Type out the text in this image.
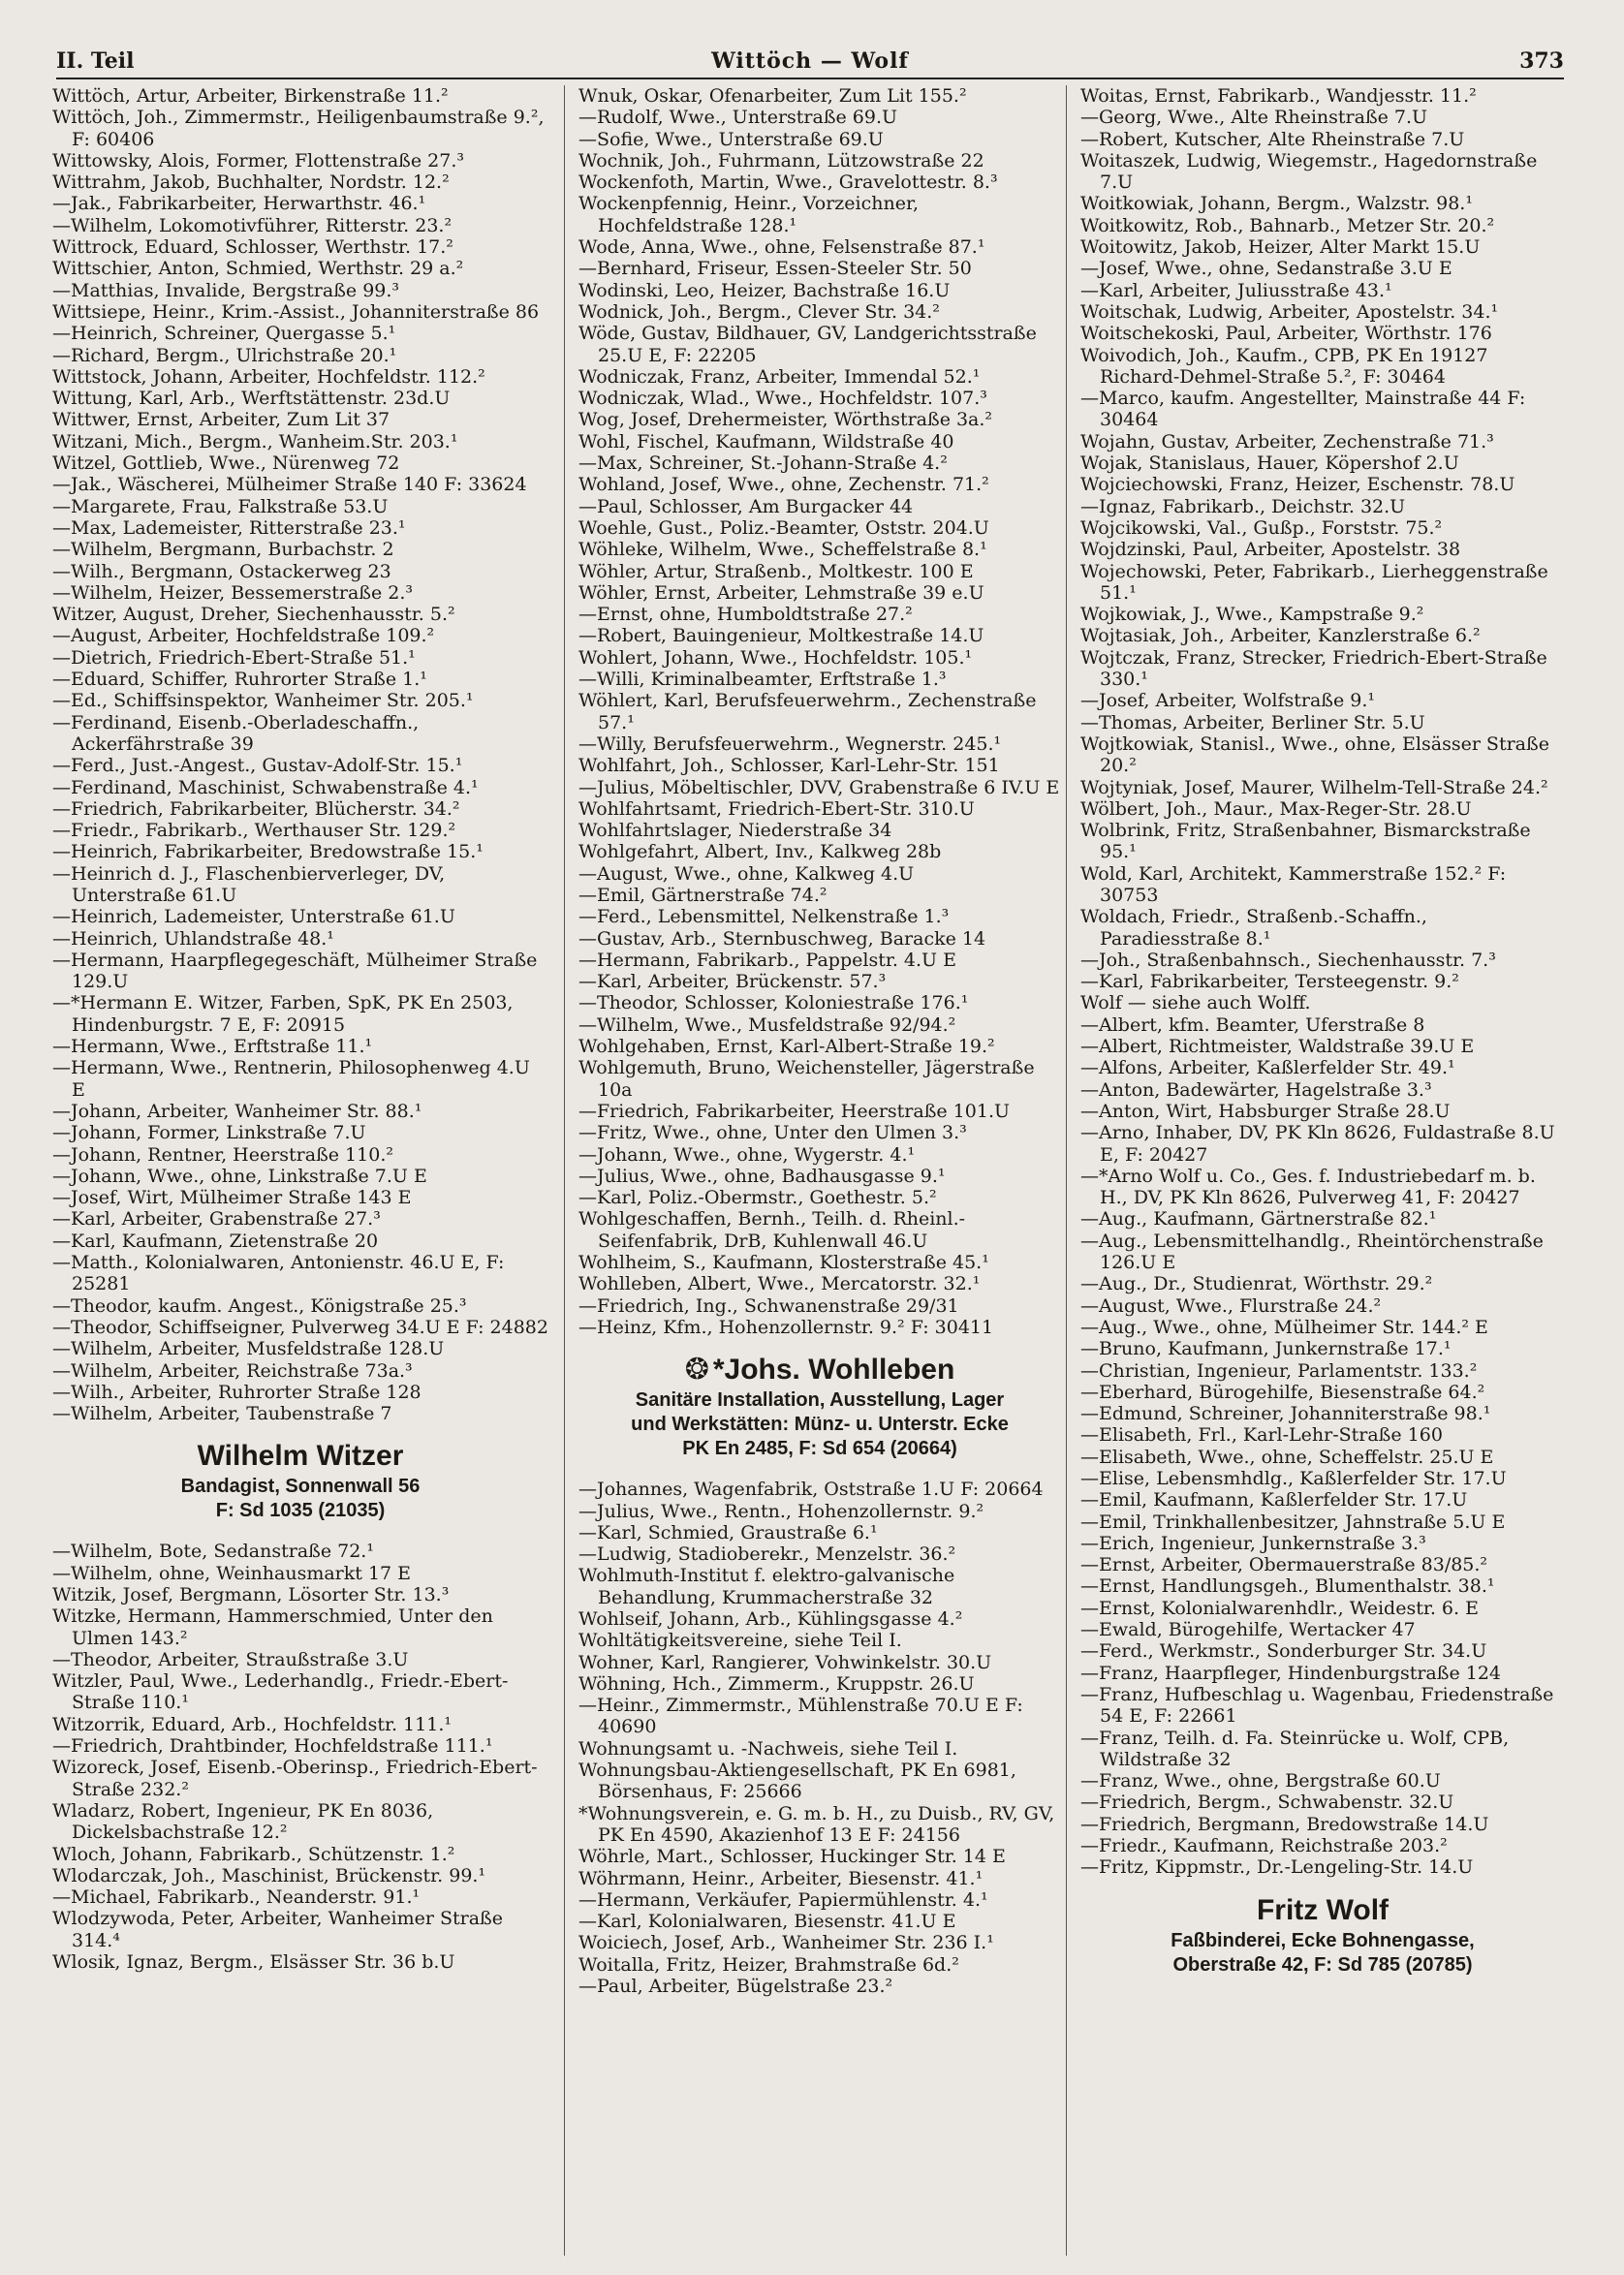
II. Teil	Wittöch — Wolf	373
Wittöch, Artur, Arbeiter, Birkenstraße 11.²
Wittöch, Joh., Zimmermstr., Heiligenbaumstraße 9.², F: 60406
Wittowsky, Alois, Former, Flottenstraße 27.³
Wittrahm, Jakob, Buchhalter, Nordstr. 12.²
—Jak., Fabrikarbeiter, Herwarthstr. 46.¹
—Wilhelm, Lokomotivführer, Ritterstr. 23.²
Wittrock, Eduard, Schlosser, Werthstr. 17.²
Wittschier, Anton, Schmied, Werthstr. 29 a.²
—Matthias, Invalide, Bergstraße 99.³
Wittsiepe, Heinr., Krim.-Assist., Johanniterstraße 86
—Heinrich, Schreiner, Quergasse 5.¹
—Richard, Bergm., Ulrichstraße 20.¹
Wittstock, Johann, Arbeiter, Hochfeldstr. 112.²
Wittung, Karl, Arb., Werftstättenstr. 23d.U
Wittwer, Ernst, Arbeiter, Zum Lit 37
Witzani, Mich., Bergm., Wanheim.Str. 203.¹
Witzel, Gottlieb, Wwe., Nürenweg 72
—Jak., Wäscherei, Mülheimer Straße 140 F: 33624
—Margarete, Frau, Falkstraße 53.U
—Max, Lademeister, Ritterstraße 23.¹
—Wilhelm, Bergmann, Burbachstr. 2
—Wilh., Bergmann, Ostackerweg 23
—Wilhelm, Heizer, Bessemerstraße 2.³
Witzer, August, Dreher, Siechenhausstr. 5.²
—August, Arbeiter, Hochfeldstraße 109.²
—Dietrich, Friedrich-Ebert-Straße 51.¹
—Eduard, Schiffer, Ruhrorter Straße 1.¹
—Ed., Schiffsinspektor, Wanheimer Str. 205.¹
—Ferdinand, Eisenb.-Oberladeschaffn., Ackerfährstraße 39
—Ferd., Just.-Angest., Gustav-Adolf-Str. 15.¹
—Ferdinand, Maschinist, Schwabenstraße 4.¹
—Friedrich, Fabrikarbeiter, Blücherstr. 34.²
—Friedr., Fabrikarb., Werthauser Str. 129.²
—Heinrich, Fabrikarbeiter, Bredowstraße 15.¹
—Heinrich d. J., Flaschenbierverleger, DV, Unterstraße 61.U
—Heinrich, Lademeister, Unterstraße 61.U
—Heinrich, Uhlandstraße 48.¹
—Hermann, Haarpflegegeschäft, Mülheimer Straße 129.U
—*Hermann E. Witzer, Farben, SpK, PK En 2503, Hindenburgstr. 7 E, F: 20915
—Hermann, Wwe., Erftstraße 11.¹
—Hermann, Wwe., Rentnerin, Philosophenweg 4.U E
—Johann, Arbeiter, Wanheimer Str. 88.¹
—Johann, Former, Linkstraße 7.U
—Johann, Rentner, Heerstraße 110.²
—Johann, Wwe., ohne, Linkstraße 7.U E
—Josef, Wirt, Mülheimer Straße 143 E
—Karl, Arbeiter, Grabenstraße 27.³
—Karl, Kaufmann, Zietenstraße 20
—Matth., Kolonialwaren, Antonienstr. 46.U E, F: 25281
—Theodor, kaufm. Angest., Königstraße 25.³
—Theodor, Schiffseigner, Pulverweg 34.U E F: 24882
—Wilhelm, Arbeiter, Musfeldstraße 128.U
—Wilhelm, Arbeiter, Reichstraße 73a.³
—Wilh., Arbeiter, Ruhrorter Straße 128
—Wilhelm, Arbeiter, Taubenstraße 7
Wilhelm Witzer
Bandagist, Sonnenwall 56
F: Sd 1035 (21035)
—Wilhelm, Bote, Sedanstraße 72.¹
—Wilhelm, ohne, Weinhausmarkt 17 E
Witzik, Josef, Bergmann, Lösorter Str. 13.³
Witzke, Hermann, Hammerschmied, Unter den Ulmen 143.²
—Theodor, Arbeiter, Straußstraße 3.U
Witzler, Paul, Wwe., Lederhandlg., Friedr.-Ebert-Straße 110.¹
Witzorrik, Eduard, Arb., Hochfeldstr. 111.¹
—Friedrich, Drahtbinder, Hochfeldstraße 111.¹
Wizoreck, Josef, Eisenb.-Oberinsp., Friedrich-Ebert-Straße 232.²
Wladarz, Robert, Ingenieur, PK En 8036, Dickelsbachstraße 12.²
Wloch, Johann, Fabrikarb., Schützenstr. 1.²
Wlodarczak, Joh., Maschinist, Brückenstr. 99.¹
—Michael, Fabrikarb., Neanderstr. 91.¹
Wlodzywoda, Peter, Arbeiter, Wanheimer Straße 314.⁴
Wlosik, Ignaz, Bergm., Elsässer Str. 36 b.U
Wnuk, Oskar, Ofenarbeiter, Zum Lit 155.²
—Rudolf, Wwe., Unterstraße 69.U
—Sofie, Wwe., Unterstraße 69.U
Wochnik, Joh., Fuhrmann, Lützowstraße 22
Wockenfoth, Martin, Wwe., Gravelottestr. 8.³
Wockenpfennig, Heinr., Vorzeichner, Hochfeldstraße 128.¹
Wode, Anna, Wwe., ohne, Felsenstraße 87.¹
—Bernhard, Friseur, Essen-Steeler Str. 50
Wodinski, Leo, Heizer, Bachstraße 16.U
Wodnick, Joh., Bergm., Clever Str. 34.²
Wöde, Gustav, Bildhauer, GV, Landgerichtsstraße 25.U E, F: 22205
Wodniczak, Franz, Arbeiter, Immendal 52.¹
Wodniczak, Wlad., Wwe., Hochfeldstr. 107.³
Wog, Josef, Drehermeister, Wörthstraße 3a.²
Wohl, Fischel, Kaufmann, Wildstraße 40
—Max, Schreiner, St.-Johann-Straße 4.²
Wohland, Josef, Wwe., ohne, Zechenstr. 71.²
—Paul, Schlosser, Am Burgacker 44
Woehle, Gust., Poliz.-Beamter, Oststr. 204.U
Wöhleke, Wilhelm, Wwe., Scheffelstraße 8.¹
Wöhler, Artur, Straßenb., Moltkestr. 100 E
Wöhler, Ernst, Arbeiter, Lehmstraße 39 e.U
—Ernst, ohne, Humboldtstraße 27.²
—Robert, Bauingenieur, Moltkestraße 14.U
Wohlert, Johann, Wwe., Hochfeldstr. 105.¹
—Willi, Kriminalbeamter, Erftstraße 1.³
Wöhlert, Karl, Berufsfeuerwehrm., Zechenstraße 57.¹
—Willy, Berufsfeuerwehrm., Wegnerstr. 245.¹
Wohlfahrt, Joh., Schlosser, Karl-Lehr-Str. 151
—Julius, Möbeltischler, DVV, Grabenstraße 6 IV.U E
Wohlfahrtsamt, Friedrich-Ebert-Str. 310.U
Wohlfahrtslager, Niederstraße 34
Wohlgefahrt, Albert, Inv., Kalkweg 28b
—August, Wwe., ohne, Kalkweg 4.U
—Emil, Gärtnerstraße 74.²
—Ferd., Lebensmittel, Nelkenstraße 1.³
—Gustav, Arb., Sternbuschweg, Baracke 14
—Hermann, Fabrikarb., Pappelstr. 4.U E
—Karl, Arbeiter, Brückenstr. 57.³
—Theodor, Schlosser, Koloniestraße 176.¹
—Wilhelm, Wwe., Musfeldstraße 92/94.²
Wohlgehaben, Ernst, Karl-Albert-Straße 19.²
Wohlgemuth, Bruno, Weichensteller, Jägerstraße 10a
—Friedrich, Fabrikarbeiter, Heerstraße 101.U
—Fritz, Wwe., ohne, Unter den Ulmen 3.³
—Johann, Wwe., ohne, Wygerstr. 4.¹
—Julius, Wwe., ohne, Badhausgasse 9.¹
—Karl, Poliz.-Obermstr., Goethestr. 5.²
Wohlgeschaffen, Bernh., Teilh. d. Rheinl.-Seifenfabrik, DrB, Kuhlenwall 46.U
Wohlheim, S., Kaufmann, Klosterstraße 45.¹
Wohlleben, Albert, Wwe., Mercatorstr. 32.¹
—Friedrich, Ing., Schwanenstraße 29/31
—Heinz, Kfm., Hohenzollernstr. 9.² F: 30411
❂ *Johs. Wohlleben
Sanitäre Installation, Ausstellung, Lager
und Werkstätten: Münz- u. Unterstr. Ecke
PK En 2485, F: Sd 654 (20664)
—Johannes, Wagenfabrik, Oststraße 1.U F: 20664
—Julius, Wwe., Rentn., Hohenzollernstr. 9.²
—Karl, Schmied, Graustraße 6.¹
—Ludwig, Stadioberekr., Menzelstr. 36.²
Wohlmuth-Institut f. elektro-galvanische Behandlung, Krummacherstraße 32
Wohlseif, Johann, Arb., Kühlingsgasse 4.²
Wohltätigkeitsvereine, siehe Teil I.
Wohner, Karl, Rangierer, Vohwinkelstr. 30.U
Wöhning, Hch., Zimmerm., Kruppstr. 26.U
—Heinr., Zimmermstr., Mühlenstraße 70.U E F: 40690
Wohnungsamt u. -Nachweis, siehe Teil I.
Wohnungsbau-Aktiengesellschaft, PK En 6981, Börsenhaus, F: 25666
*Wohnungsverein, e. G. m. b. H., zu Duisb., RV, GV, PK En 4590, Akazienhof 13 E F: 24156
Wöhrle, Mart., Schlosser, Huckinger Str. 14 E
Wöhrmann, Heinr., Arbeiter, Biesenstr. 41.¹
—Hermann, Verkäufer, Papiermühlenstr. 4.¹
—Karl, Kolonialwaren, Biesenstr. 41.U E
Woiciech, Josef, Arb., Wanheimer Str. 236 I.¹
Woitalla, Fritz, Heizer, Brahmstraße 6d.²
—Paul, Arbeiter, Bügelstraße 23.²
Woitas, Ernst, Fabrikarb., Wandjesstr. 11.²
—Georg, Wwe., Alte Rheinstraße 7.U
—Robert, Kutscher, Alte Rheinstraße 7.U
Woitaszek, Ludwig, Wiegemstr., Hagedornstraße 7.U
Woitkowiak, Johann, Bergm., Walzstr. 98.¹
Woitkowitz, Rob., Bahnarb., Metzer Str. 20.²
Woitowitz, Jakob, Heizer, Alter Markt 15.U
—Josef, Wwe., ohne, Sedanstraße 3.U E
—Karl, Arbeiter, Juliusstraße 43.¹
Woitschak, Ludwig, Arbeiter, Apostelstr. 34.¹
Woitschekoski, Paul, Arbeiter, Wörthstr. 176
Woivodich, Joh., Kaufm., CPB, PK En 19127 Richard-Dehmel-Straße 5.², F: 30464
—Marco, kaufm. Angestellter, Mainstraße 44 F: 30464
Wojahn, Gustav, Arbeiter, Zechenstraße 71.³
Wojak, Stanislaus, Hauer, Köpershof 2.U
Wojciechowski, Franz, Heizer, Eschenstr. 78.U
—Ignaz, Fabrikarb., Deichstr. 32.U
Wojcikowski, Val., Gußp., Forststr. 75.²
Wojdzinski, Paul, Arbeiter, Apostelstr. 38
Wojechowski, Peter, Fabrikarb., Lierheggenstraße 51.¹
Wojkowiak, J., Wwe., Kampstraße 9.²
Wojtasiak, Joh., Arbeiter, Kanzlerstraße 6.²
Wojtczak, Franz, Strecker, Friedrich-Ebert-Straße 330.¹
—Josef, Arbeiter, Wolfstraße 9.¹
—Thomas, Arbeiter, Berliner Str. 5.U
Wojtkowiak, Stanisl., Wwe., ohne, Elsässer Straße 20.²
Wojtyniak, Josef, Maurer, Wilhelm-Tell-Straße 24.²
Wölbert, Joh., Maur., Max-Reger-Str. 28.U
Wolbrink, Fritz, Straßenbahner, Bismarckstraße 95.¹
Wold, Karl, Architekt, Kammerstraße 152.² F: 30753
Woldach, Friedr., Straßenb.-Schaffn., Paradiesstraße 8.¹
—Joh., Straßenbahnsch., Siechenhausstr. 7.³
—Karl, Fabrikarbeiter, Tersteegenstr. 9.²
Wolf — siehe auch Wolff.
—Albert, kfm. Beamter, Uferstraße 8
—Albert, Richtmeister, Waldstraße 39.U E
—Alfons, Arbeiter, Kaßlerfelder Str. 49.¹
—Anton, Badewärter, Hagelstraße 3.³
—Anton, Wirt, Habsburger Straße 28.U
—Arno, Inhaber, DV, PK Kln 8626, Fuldastraße 8.U E, F: 20427
—*Arno Wolf u. Co., Ges. f. Industriebedarf m. b. H., DV, PK Kln 8626, Pulverweg 41, F: 20427
—Aug., Kaufmann, Gärtnerstraße 82.¹
—Aug., Lebensmittelhandlg., Rheintörchenstraße 126.U E
—Aug., Dr., Studienrat, Wörthstr. 29.²
—August, Wwe., Flurstraße 24.²
—Aug., Wwe., ohne, Mülheimer Str. 144.² E
—Bruno, Kaufmann, Junkernstraße 17.¹
—Christian, Ingenieur, Parlamentstr. 133.²
—Eberhard, Bürogehilfe, Biesenstraße 64.²
—Edmund, Schreiner, Johanniterstraße 98.¹
—Elisabeth, Frl., Karl-Lehr-Straße 160
—Elisabeth, Wwe., ohne, Scheffelstr. 25.U E
—Elise, Lebensmhdlg., Kaßlerfelder Str. 17.U
—Emil, Kaufmann, Kaßlerfelder Str. 17.U
—Emil, Trinkhallenbesitzer, Jahnstraße 5.U E
—Erich, Ingenieur, Junkernstraße 3.³
—Ernst, Arbeiter, Obermauerstraße 83/85.²
—Ernst, Handlungsgeh., Blumenthalstr. 38.¹
—Ernst, Kolonialwarenhdlr., Weidestr. 6. E
—Ewald, Bürogehilfe, Wertacker 47
—Ferd., Werkmstr., Sonderburger Str. 34.U
—Franz, Haarpfleger, Hindenburgstraße 124
—Franz, Hufbeschlag u. Wagenbau, Friedenstraße 54 E, F: 22661
—Franz, Teilh. d. Fa. Steinrücke u. Wolf, CPB, Wildstraße 32
—Franz, Wwe., ohne, Bergstraße 60.U
—Friedrich, Bergm., Schwabenstr. 32.U
—Friedrich, Bergmann, Bredowstraße 14.U
—Friedr., Kaufmann, Reichstraße 203.²
—Fritz, Kippmstr., Dr.-Lengeling-Str. 14.U
Fritz Wolf
Faßbinderei, Ecke Bohnengasse,
Oberstraße 42, F: Sd 785 (20785)
